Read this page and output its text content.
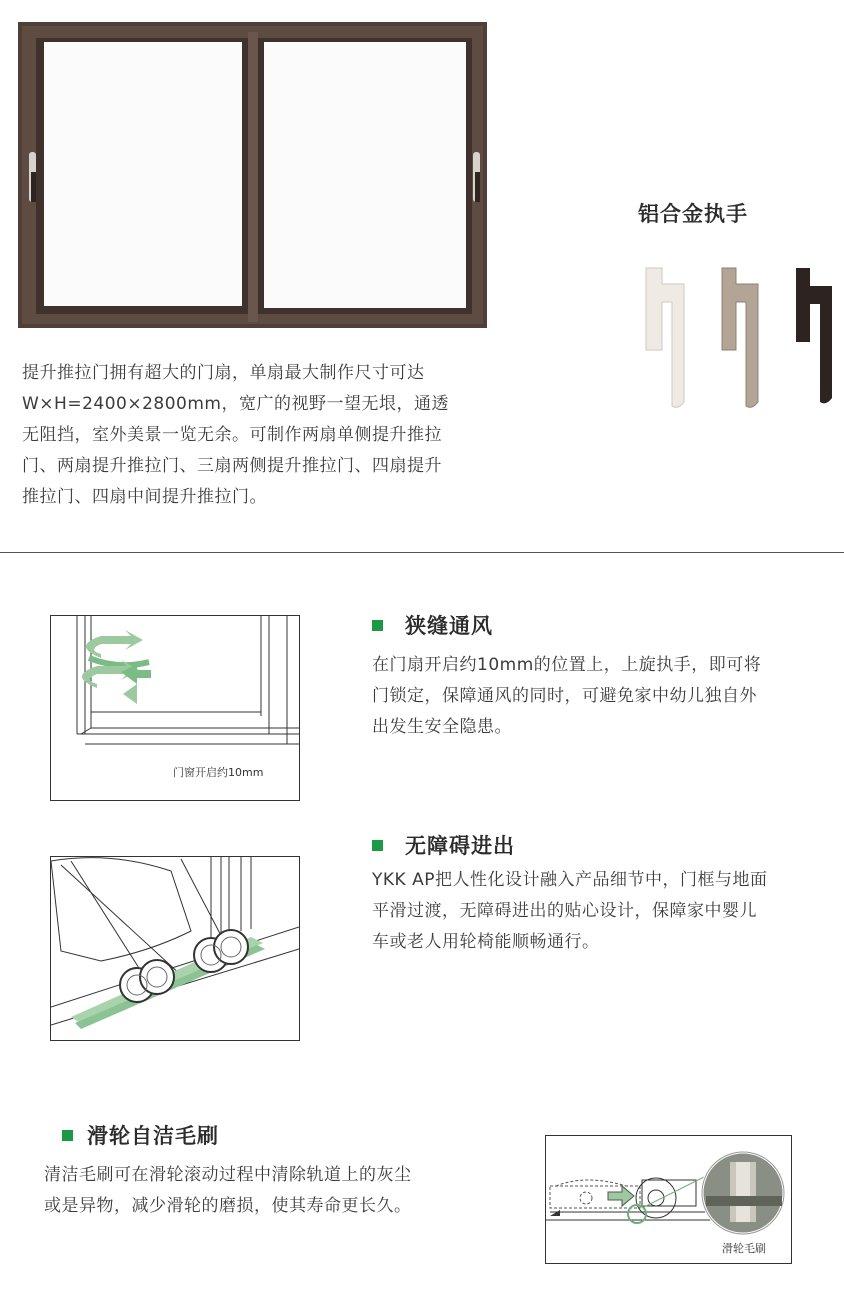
铝合金执手
提升推拉门拥有超大的门扇，单扇最大制作尺寸可达
W×H=2400×2800mm，宽广的视野一望无垠，通透
无阻挡，室外美景一览无余。可制作两扇单侧提升推拉
门、两扇提升推拉门、三扇两侧提升推拉门、四扇提升
推拉门、四扇中间提升推拉门。
门窗开启约10mm
狭缝通风
在门扇开启约10mm的位置上，上旋执手，即可将
门锁定，保障通风的同时，可避免家中幼儿独自外
出发生安全隐患。
无障碍进出
YKK AP把人性化设计融入产品细节中，门框与地面
平滑过渡，无障碍进出的贴心设计，保障家中婴儿
车或老人用轮椅能顺畅通行。
滑轮自洁毛刷
清洁毛刷可在滑轮滚动过程中清除轨道上的灰尘
或是异物，减少滑轮的磨损，使其寿命更长久。
滑轮毛刷
